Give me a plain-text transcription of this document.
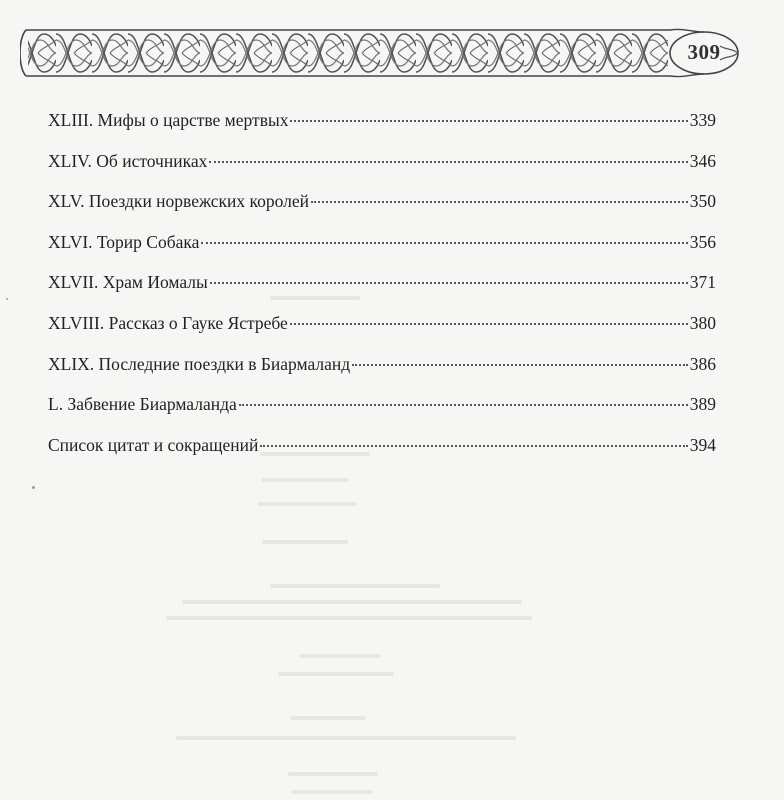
309
XLIII. Мифы о царстве мертвых	339
XLIV. Об источниках	346
XLV. Поездки норвежских королей	350
XLVI. Торир Собака	356
XLVII. Храм Иомалы	371
XLVIII. Рассказ о Гауке Ястребе	380
XLIX. Последние поездки в Биармаланд	386
L. Забвение Биармаланда	389
Список цитат и сокращений	394
